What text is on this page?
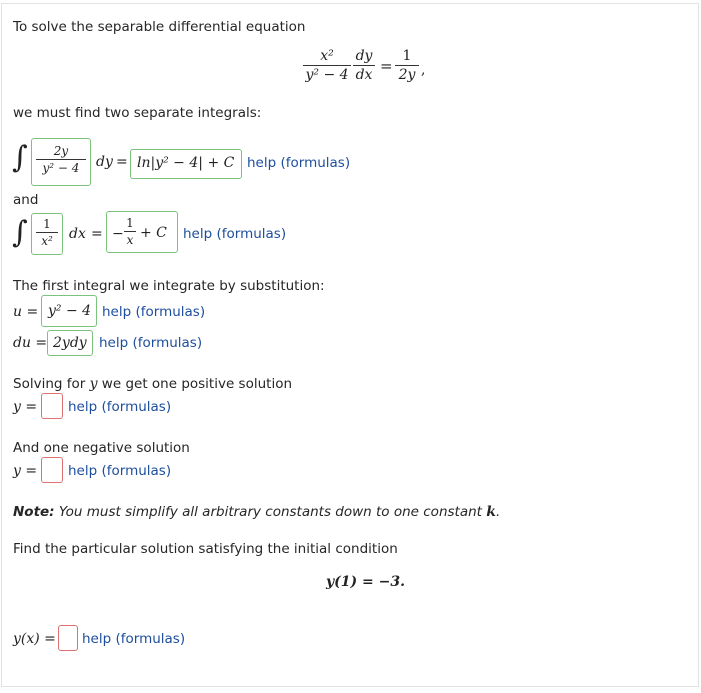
To solve the separable differential equation
x²
y² − 4
dy
dx =
1
2y ,
we must find two separate integrals:
∫	2y
y² − 4	dy = ln|y² − 4| + C help (formulas)
and
∫	1
x²	dx = −
1
x + C help (formulas)
The first integral we integrate by substitution:
u = y² − 4 help (formulas)
du = 2ydy help (formulas)
Solving for y we get one positive solution
y = help (formulas)
And one negative solution
y = help (formulas)
Note: You must simplify all arbitrary constants down to one constant k.
Find the particular solution satisfying the initial condition
y(1) = −3.
y(x) = help (formulas)
